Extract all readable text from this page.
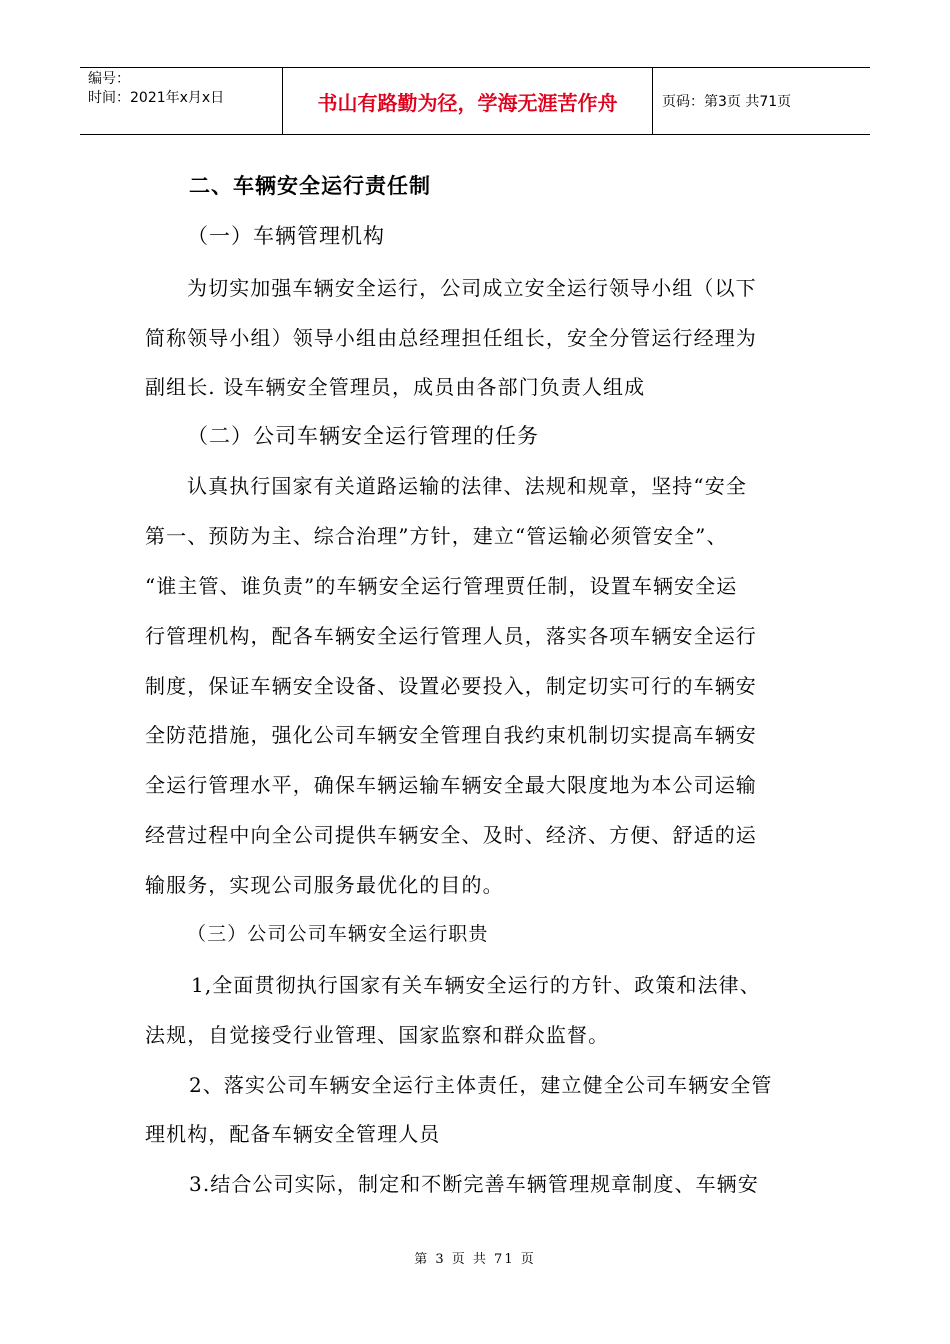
编号：
时间：2021年x月x日	书山有路勤为径，学海无涯苦作舟	页码：第3页 共71页
二、车辆安全运行责任制
（一）车辆管理机构
为切实加强车辆安全运行，公司成立安全运行领导小组（以下
简称领导小组）领导小组由总经理担任组长，安全分管运行经理为
副组长. 设车辆安全管理员，成员由各部门负责人组成
（二）公司车辆安全运行管理的任务
认真执行国家有关道路运输的法律、法规和规章，坚持“安全
第一、预防为主、综合治理”方针，建立“管运输必须管安全”、
“谁主管、谁负责”的车辆安全运行管理贾任制，设置车辆安全运
行管理机构，配各车辆安全运行管理人员，落实各项车辆安全运行
制度，保证车辆安全设备、设置必要投入，制定切实可行的车辆安
全防范措施，强化公司车辆安全管理自我约束机制切实提高车辆安
全运行管理水平，确保车辆运输车辆安全最大限度地为本公司运输
经营过程中向全公司提供车辆安全、及时、经济、方便、舒适的运
输服务，实现公司服务最优化的目的。
（三）公司公司车辆安全运行职贵
1,全面贯彻执行国家有关车辆安全运行的方针、政策和法律、
法规，自觉接受行业管理、国家监察和群众监督。
2、落实公司车辆安全运行主体责任，建立健全公司车辆安全管
理机构，配备车辆安全管理人员
3.结合公司实际，制定和不断完善车辆管理规章制度、车辆安
第 3 页 共 71 页
